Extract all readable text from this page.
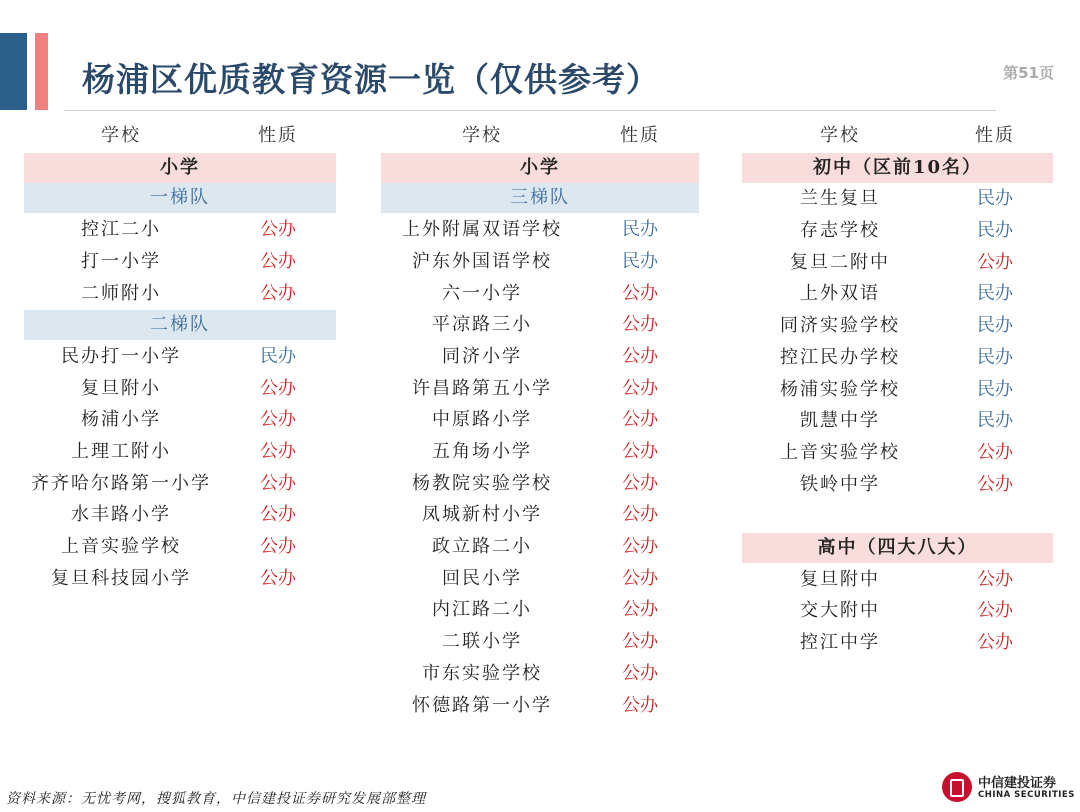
杨浦区优质教育资源一览（仅供参考）	第51页
学校	性质
小学
一梯队
控江二小	公办
打一小学	公办
二师附小	公办
二梯队
民办打一小学	民办
复旦附小	公办
杨浦小学	公办
上理工附小	公办
齐齐哈尔路第一小学	公办
水丰路小学	公办
上音实验学校	公办
复旦科技园小学	公办
学校	性质
小学
三梯队
上外附属双语学校	民办
沪东外国语学校	民办
六一小学	公办
平凉路三小	公办
同济小学	公办
许昌路第五小学	公办
中原路小学	公办
五角场小学	公办
杨教院实验学校	公办
凤城新村小学	公办
政立路二小	公办
回民小学	公办
内江路二小	公办
二联小学	公办
市东实验学校	公办
怀德路第一小学	公办
学校	性质
初中（区前10名）
兰生复旦	民办
存志学校	民办
复旦二附中	公办
上外双语	民办
同济实验学校	民办
控江民办学校	民办
杨浦实验学校	民办
凯慧中学	民办
上音实验学校	公办
铁岭中学	公办
高中（四大八大）
复旦附中	公办
交大附中	公办
控江中学	公办
资料来源：无忧考网，搜狐教育，中信建投证券研究发展部整理
中信建投证券
CHINA SECURITIES
